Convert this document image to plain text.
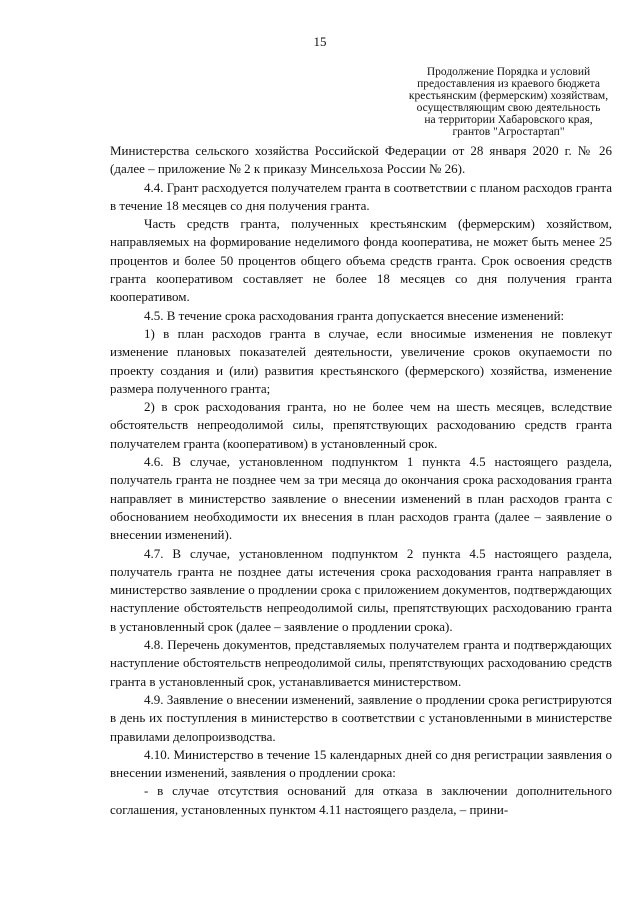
15
Продолжение Порядка и условий
предоставления из краевого бюджета
крестьянским (фермерским) хозяйствам,
осуществляющим свою деятельность
на территории Хабаровского края,
грантов "Агростартап"

Министерства сельского хозяйства Российской Федерации от 28 января 2020 г. № 26 (далее – приложение № 2 к приказу Минсельхоза России № 26).

4.4. Грант расходуется получателем гранта в соответствии с планом расходов гранта в течение 18 месяцев со дня получения гранта.

Часть средств гранта, полученных крестьянским (фермерским) хозяйством, направляемых на формирование неделимого фонда кооператива, не может быть менее 25 процентов и более 50 процентов общего объема средств гранта. Срок освоения средств гранта кооперативом составляет не более 18 месяцев со дня получения гранта кооперативом.

4.5. В течение срока расходования гранта допускается внесение изменений:

1) в план расходов гранта в случае, если вносимые изменения не повлекут изменение плановых показателей деятельности, увеличение сроков окупаемости по проекту создания и (или) развития крестьянского (фермерского) хозяйства, изменение размера полученного гранта;

2) в срок расходования гранта, но не более чем на шесть месяцев, вследствие обстоятельств непреодолимой силы, препятствующих расходованию средств гранта получателем гранта (кооперативом) в установленный срок.

4.6. В случае, установленном подпунктом 1 пункта 4.5 настоящего раздела, получатель гранта не позднее чем за три месяца до окончания срока расходования гранта направляет в министерство заявление о внесении изменений в план расходов гранта с обоснованием необходимости их внесения в план расходов гранта (далее – заявление о внесении изменений).

4.7. В случае, установленном подпунктом 2 пункта 4.5 настоящего раздела, получатель гранта не позднее даты истечения срока расходования гранта направляет в министерство заявление о продлении срока с приложением документов, подтверждающих наступление обстоятельств непреодолимой силы, препятствующих расходованию гранта в установленный срок (далее – заявление о продлении срока).

4.8. Перечень документов, представляемых получателем гранта и подтверждающих наступление обстоятельств непреодолимой силы, препятствующих расходованию средств гранта в установленный срок, устанавливается министерством.

4.9. Заявление о внесении изменений, заявление о продлении срока регистрируются в день их поступления в министерство в соответствии с установленными в министерстве правилами делопроизводства.

4.10. Министерство в течение 15 календарных дней со дня регистрации заявления о внесении изменений, заявления о продлении срока:

- в случае отсутствия оснований для отказа в заключении дополнительного соглашения, установленных пунктом 4.11 настоящего раздела, – прини-
